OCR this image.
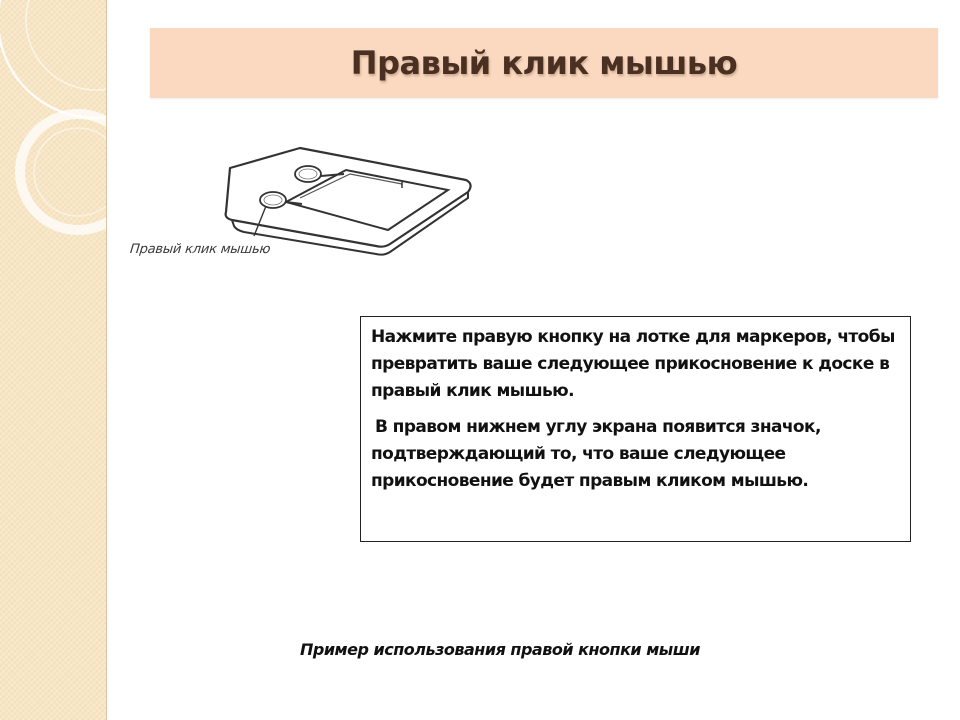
Правый клик мышью
Правый клик мышью

Нажмите правую кнопку на лотке для маркеров, чтобы превратить ваше следующее прикосновение к доске в правый клик мышью.

В правом нижнем углу экрана появится значок, подтверждающий то, что ваше следующее прикосновение будет правым кликом мышью.

Пример использования правой кнопки мыши
